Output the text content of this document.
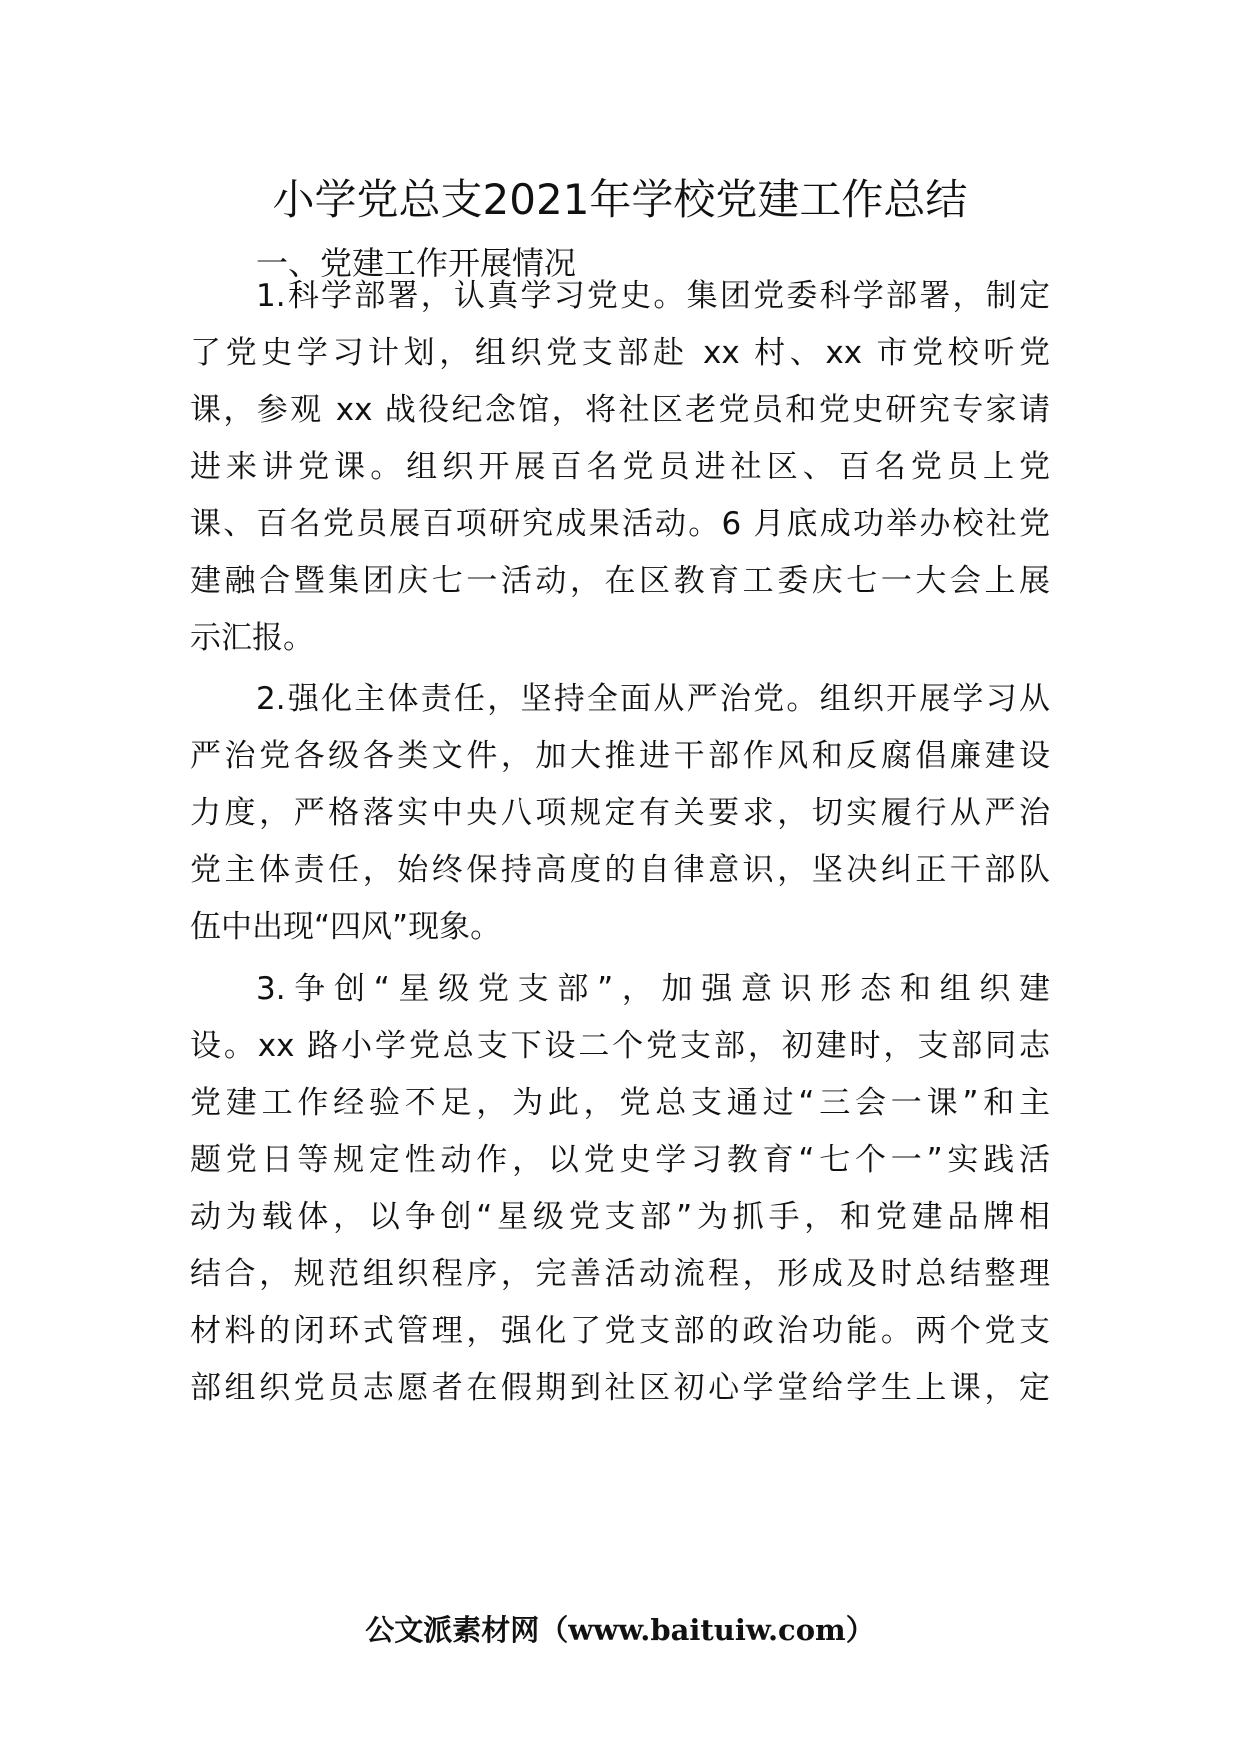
小学党总支2021年学校党建工作总结

一、党建工作开展情况

1.科学部署，认真学习党史。集团党委科学部署，制定

了党史学习计划，组织党支部赴 xx 村、xx 市党校听党

课，参观 xx 战役纪念馆，将社区老党员和党史研究专家请

进来讲党课。组织开展百名党员进社区、百名党员上党

课、百名党员展百项研究成果活动。6 月底成功举办校社党

建融合暨集团庆七一活动，在区教育工委庆七一大会上展

示汇报。

2.强化主体责任，坚持全面从严治党。组织开展学习从

严治党各级各类文件，加大推进干部作风和反腐倡廉建设

力度，严格落实中央八项规定有关要求，切实履行从严治

党主体责任，始终保持高度的自律意识，坚决纠正干部队

伍中出现“四风”现象。

3.争创“星级党支部”，加强意识形态和组织建

设。xx 路小学党总支下设二个党支部，初建时，支部同志

党建工作经验不足，为此，党总支通过“三会一课”和主

题党日等规定性动作，以党史学习教育“七个一”实践活

动为载体，以争创“星级党支部”为抓手，和党建品牌相

结合，规范组织程序，完善活动流程，形成及时总结整理

材料的闭环式管理，强化了党支部的政治功能。两个党支

部组织党员志愿者在假期到社区初心学堂给学生上课，定

公文派素材网（www.baituiw.com）
